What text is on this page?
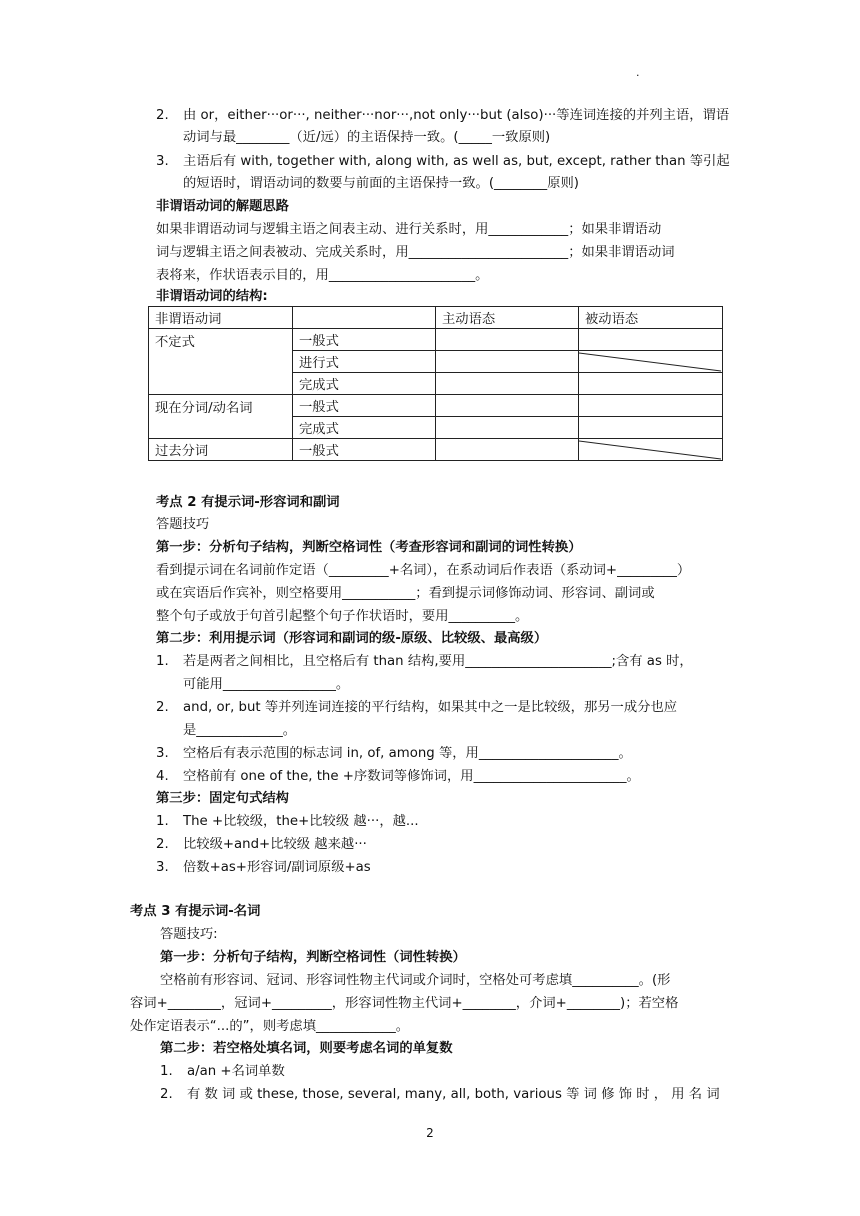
.
2.	由 or，either···or···, neither···nor···,not only···but (also)···等连词连接的并列主语，谓语
动词与最________（近/远）的主语保持一致。(_____一致原则)
3.	主语后有 with, together with, along with, as well as, but, except, rather than 等引起
的短语时，谓语动词的数要与前面的主语保持一致。(________原则)
非谓语动词的解题思路
如果非谓语动词与逻辑主语之间表主动、进行关系时，用____________；如果非谓语动
词与逻辑主语之间表被动、完成关系时，用________________________；如果非谓语动词
表将来，作状语表示目的，用______________________。
非谓语动词的结构:
非谓语动词		主动语态	被动语态
不定式	一般式		
	进行式		

	完成式		
现在分词/动名词	一般式		
	完成式		
过去分词	一般式		
考点 2 有提示词-形容词和副词
答题技巧
第一步：分析句子结构，判断空格词性（考查形容词和副词的词性转换）
看到提示词在名词前作定语（_________+名词），在系动词后作表语（系动词+_________）
或在宾语后作宾补，则空格要用___________；看到提示词修饰动词、形容词、副词或
整个句子或放于句首引起整个句子作状语时，要用__________。
第二步：利用提示词（形容词和副词的级-原级、比较级、最高级）
1.	若是两者之间相比，且空格后有 than 结构,要用______________________;含有 as 时，
可能用_________________。
2.	and, or, but 等并列连词连接的平行结构，如果其中之一是比较级，那另一成分也应
是_____________。
3.	空格后有表示范围的标志词 in, of, among 等，用_____________________。
4.	空格前有 one of the, the +序数词等修饰词，用_______________________。
第三步：固定句式结构
1.	The +比较级，the+比较级 越···，越...
2.	比较级+and+比较级 越来越···
3.	倍数+as+形容词/副词原级+as
考点 3 有提示词-名词
答题技巧:
第一步：分析句子结构，判断空格词性（词性转换）
空格前有形容词、冠词、形容词性物主代词或介词时，空格处可考虑填__________。(形
容词+________，冠词+_________，形容词性物主代词+________，介词+________)；若空格
处作定语表示“...的”，则考虑填____________。
第二步：若空格处填名词，则要考虑名词的单复数
1.	a/an +名词单数
2.	有 数 词 或 these, those, several, many, all, both, various 等 词 修 饰 时 ， 用 名 词
2
